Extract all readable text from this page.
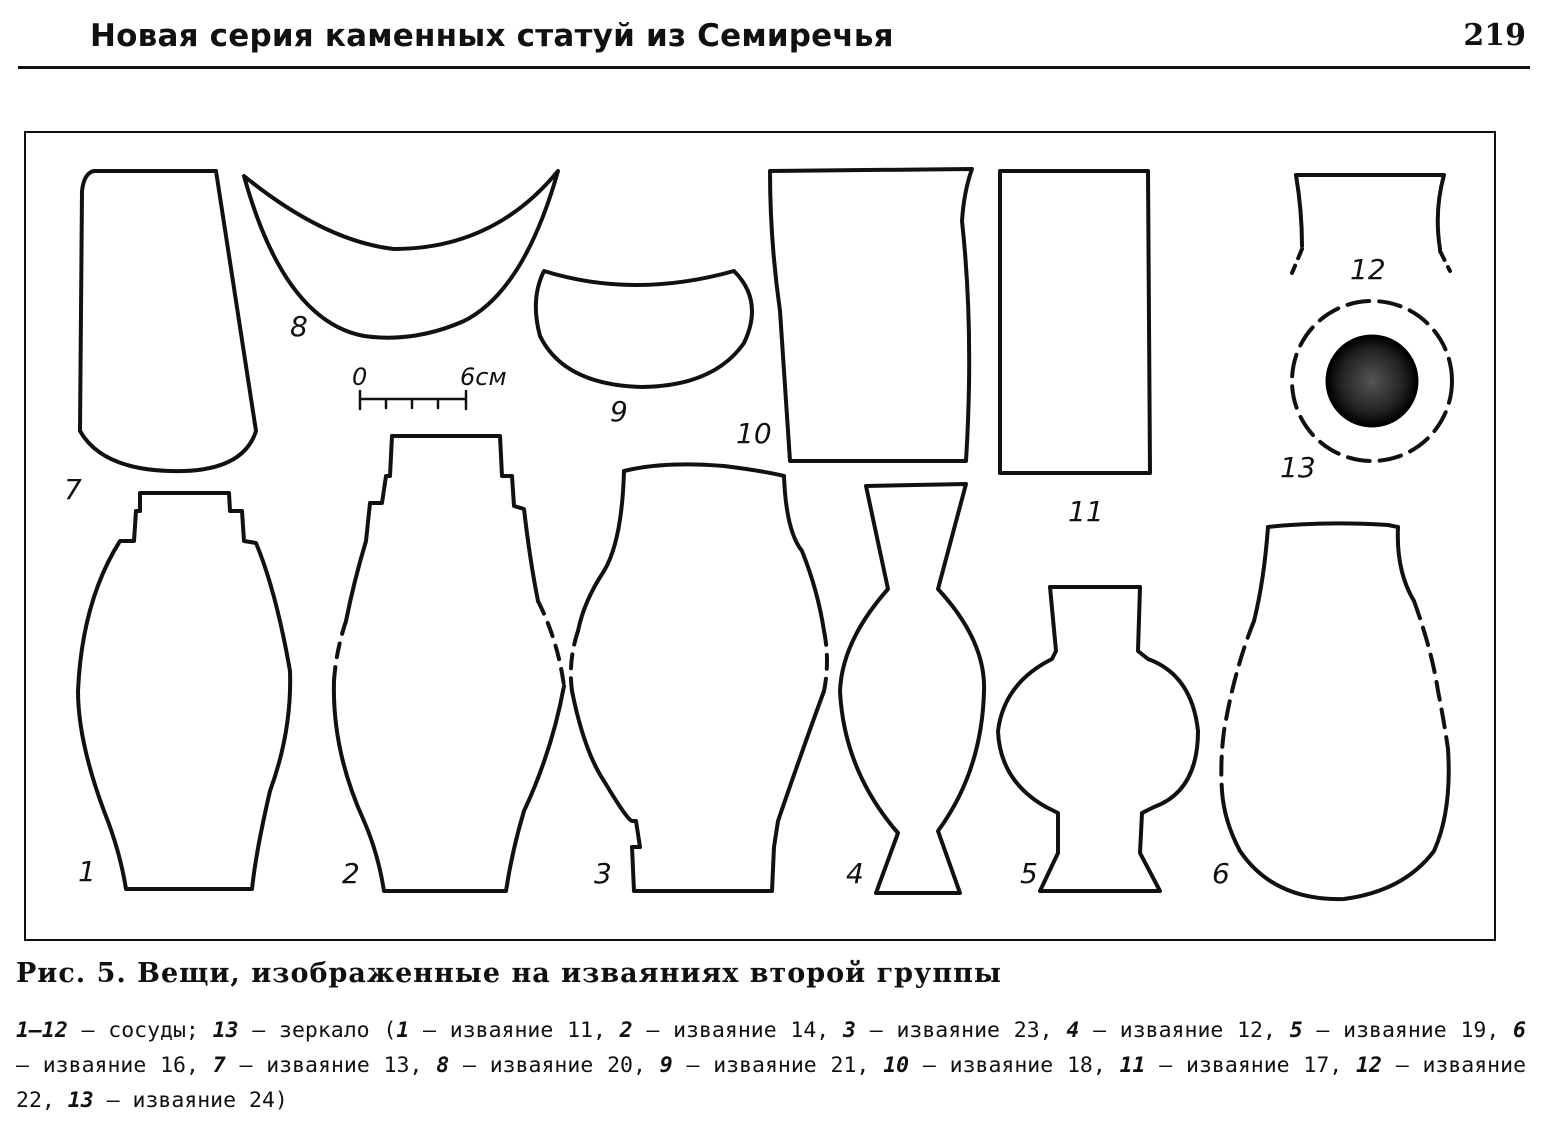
Новая серия каменных статуй из Семиречья	219
7
8
9
10
11
12
13
1	2	3	4	5	6
0	6см
Рис. 5. Вещи, изображенные на изваяниях второй группы
1—12 — сосуды; 13 — зеркало (1 — изваяние 11, 2 — изваяние 14, 3 — изваяние 23, 4 — изваяние 12, 5 — изваяние 19, 6 — изваяние 16, 7 — изваяние 13, 8 — изваяние 20, 9 — изваяние 21, 10 — изваяние 18, 11 — изваяние 17, 12 — изваяние 22, 13 — изваяние 24)
